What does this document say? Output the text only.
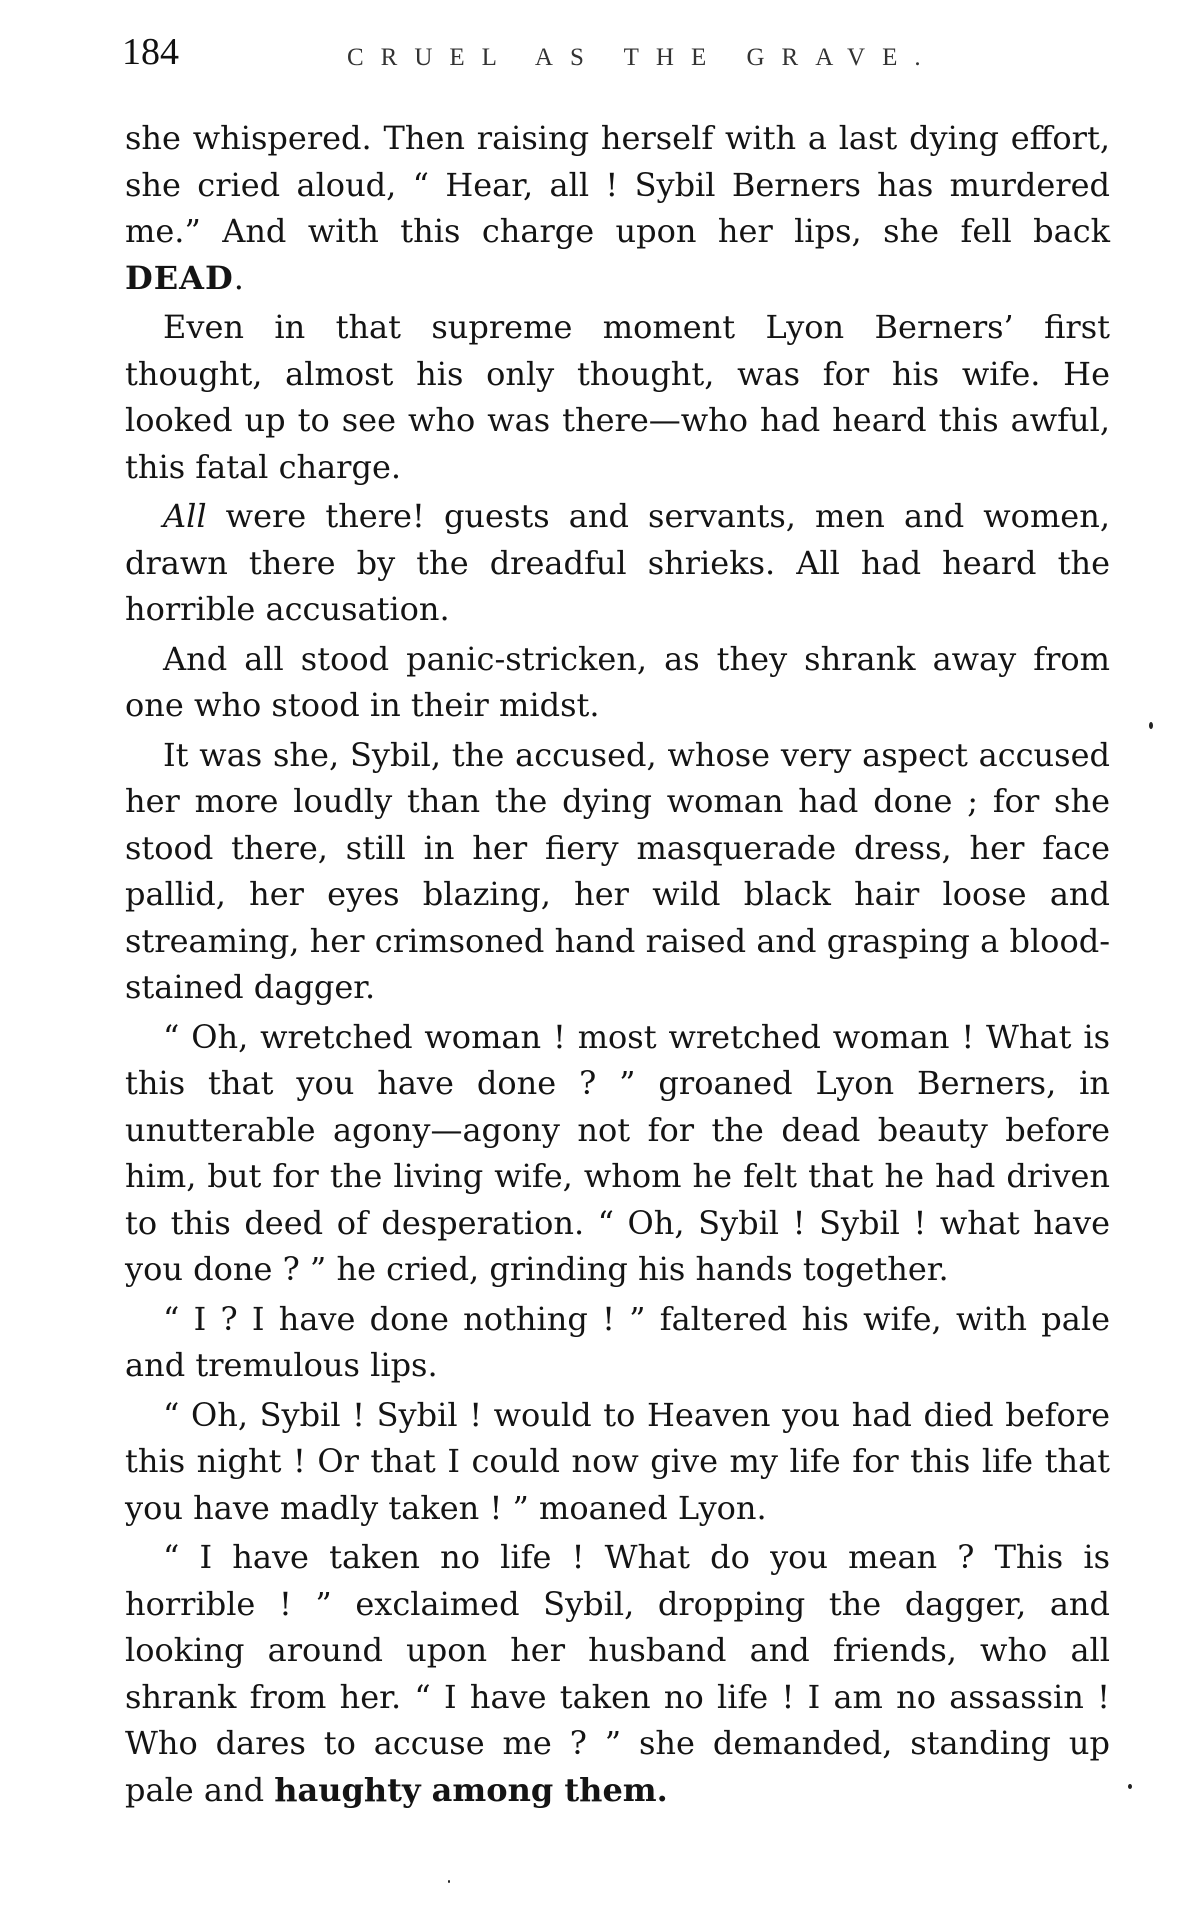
184	CRUEL AS THE GRAVE.

she whispered. Then raising herself with a last dying effort, she cried aloud, “ Hear, all ! Sybil Berners has murdered me.” And with this charge upon her lips, she fell back DEAD.

Even in that supreme moment Lyon Berners’ first thought, almost his only thought, was for his wife. He looked up to see who was there—who had heard this awful, this fatal charge.

All were there! guests and servants, men and women, drawn there by the dreadful shrieks. All had heard the horrible accusation.

And all stood panic-stricken, as they shrank away from one who stood in their midst.

It was she, Sybil, the accused, whose very aspect accused her more loudly than the dying woman had done ; for she stood there, still in her fiery masquerade dress, her face pallid, her eyes blazing, her wild black hair loose and streaming, her crimsoned hand raised and grasping a blood-stained dagger.

“ Oh, wretched woman ! most wretched woman ! What is this that you have done ? ” groaned Lyon Berners, in unutterable agony—agony not for the dead beauty before him, but for the living wife, whom he felt that he had driven to this deed of desperation. “ Oh, Sybil ! Sybil ! what have you done ? ” he cried, grinding his hands together.

“ I ? I have done nothing ! ” faltered his wife, with pale and tremulous lips.

“ Oh, Sybil ! Sybil ! would to Heaven you had died before this night ! Or that I could now give my life for this life that you have madly taken ! ” moaned Lyon.

“ I have taken no life ! What do you mean ? This is horrible ! ” exclaimed Sybil, dropping the dagger, and looking around upon her husband and friends, who all shrank from her. “ I have taken no life ! I am no assassin ! Who dares to accuse me ? ” she demanded, standing up pale and haughty among them.
